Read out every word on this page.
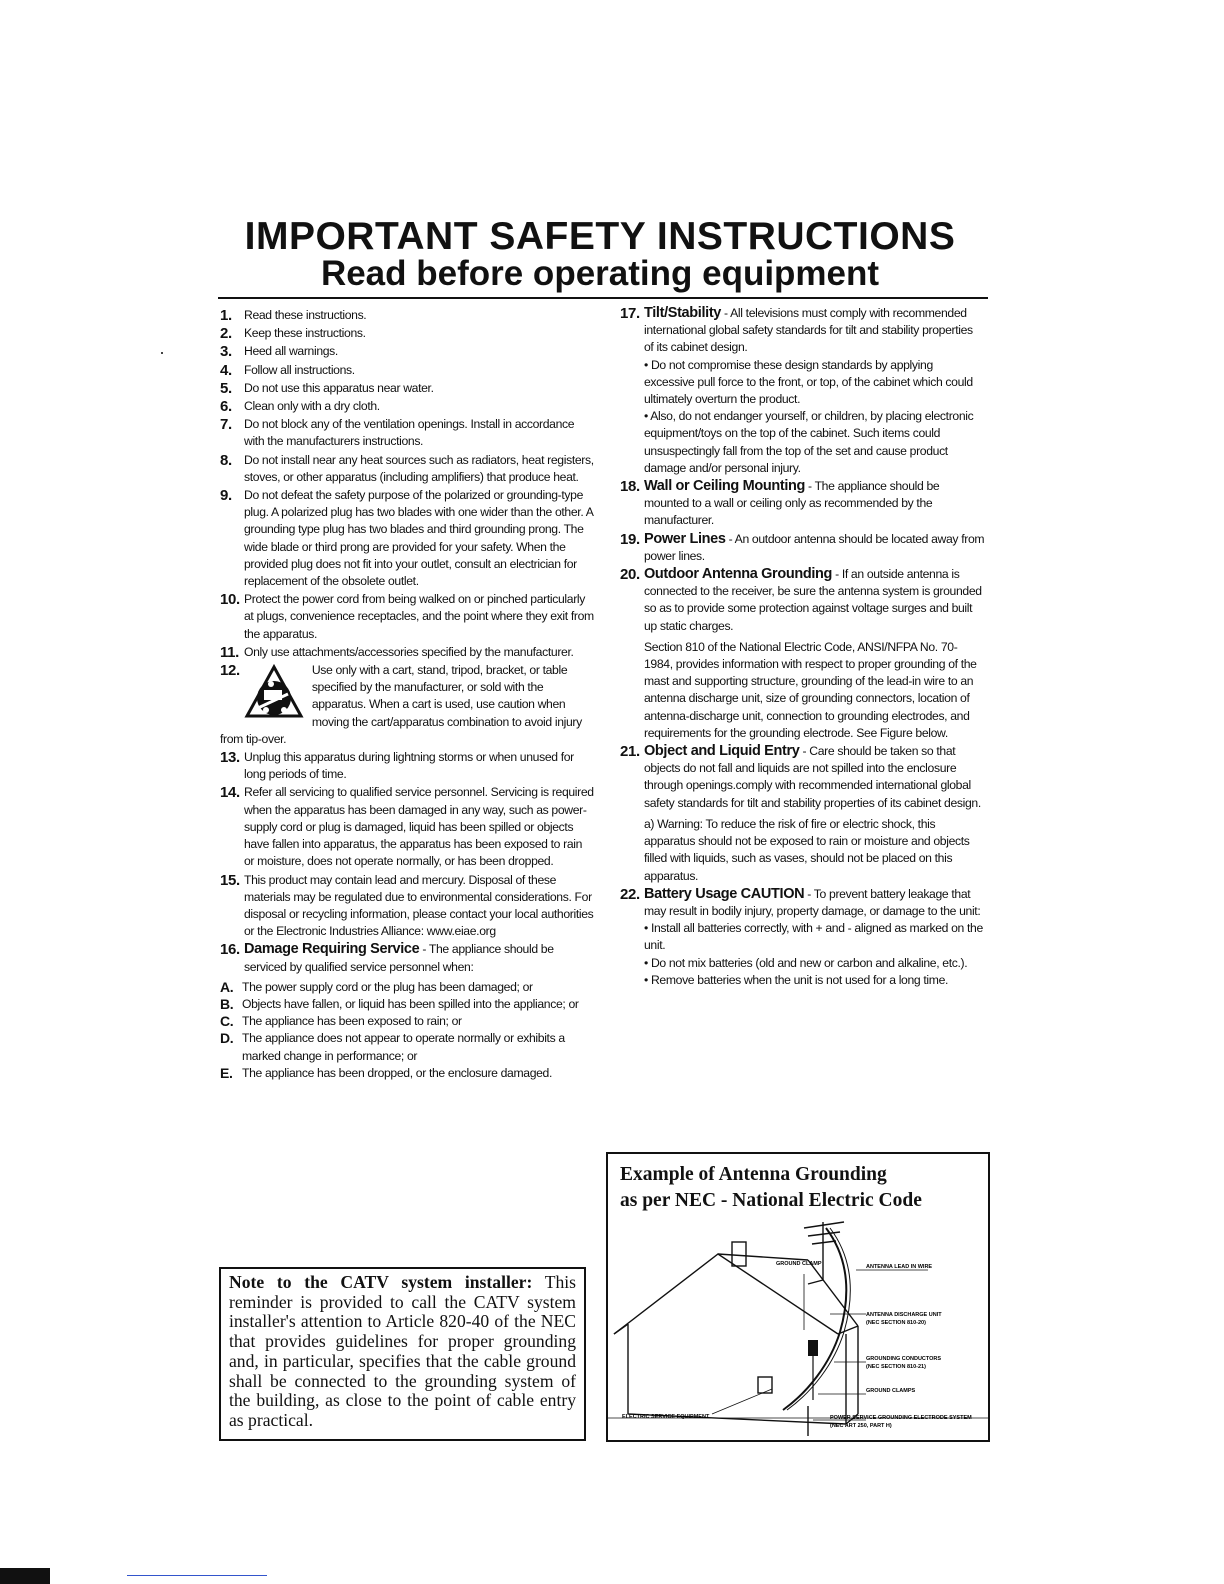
IMPORTANT SAFETY INSTRUCTIONS
Read before operating equipment
1. Read these instructions.
2. Keep these instructions.
3. Heed all warnings.
4. Follow all instructions.
5. Do not use this apparatus near water.
6. Clean only with a dry cloth.
7. Do not block any of the ventilation openings. Install in accordance with the manufacturers instructions.
8. Do not install near any heat sources such as radiators, heat registers, stoves, or other apparatus (including amplifiers) that produce heat.
9. Do not defeat the safety purpose of the polarized or grounding-type plug. A polarized plug has two blades with one wider than the other. A grounding type plug has two blades and third grounding prong. The wide blade or third prong are provided for your safety. When the provided plug does not fit into your outlet, consult an electrician for replacement of the obsolete outlet.
10. Protect the power cord from being walked on or pinched particularly at plugs, convenience receptacles, and the point where they exit from the apparatus.
11. Only use attachments/accessories specified by the manufacturer.
12.	Use only with a cart, stand, tripod, bracket, or table specified by the manufacturer, or sold with the apparatus. When a cart is used, use caution when moving the cart/apparatus combination to avoid injury from tip-over.
13. Unplug this apparatus during lightning storms or when unused for long periods of time.
14. Refer all servicing to qualified service personnel. Servicing is required when the apparatus has been damaged in any way, such as power-supply cord or plug is damaged, liquid has been spilled or objects have fallen into apparatus, the apparatus has been exposed to rain or moisture, does not operate normally, or has been dropped.
15. This product may contain lead and mercury. Disposal of these materials may be regulated due to environmental considerations. For disposal or recycling information, please contact your local authorities or the Electronic Industries Alliance: www.eiae.org
16. Damage Requiring Service - The appliance should be serviced by qualified service personnel when:
A. The power supply cord or the plug has been damaged; or
B. Objects have fallen, or liquid has been spilled into the appliance; or
C. The appliance has been exposed to rain; or
D. The appliance does not appear to operate normally or exhibits a marked change in performance; or
E. The appliance has been dropped, or the enclosure damaged.
Note to the CATV system installer: This reminder is provided to call the CATV system installer's attention to Article 820-40 of the NEC that provides guidelines for proper grounding and, in particular, specifies that the cable ground shall be connected to the grounding system of the building, as close to the point of cable entry as practical.
17. Tilt/Stability - All televisions must comply with recommended international global safety standards for tilt and stability properties of its cabinet design.
• Do not compromise these design standards by applying excessive pull force to the front, or top, of the cabinet which could ultimately overturn the product.
• Also, do not endanger yourself, or children, by placing electronic equipment/toys on the top of the cabinet. Such items could unsuspectingly fall from the top of the set and cause product damage and/or personal injury.
18. Wall or Ceiling Mounting - The appliance should be mounted to a wall or ceiling only as recommended by the manufacturer.
19. Power Lines - An outdoor antenna should be located away from power lines.
20. Outdoor Antenna Grounding - If an outside antenna is connected to the receiver, be sure the antenna system is grounded so as to provide some protection against voltage surges and built up static charges.
Section 810 of the National Electric Code, ANSI/NFPA No. 70-1984, provides information with respect to proper grounding of the mast and supporting structure, grounding of the lead-in wire to an antenna discharge unit, size of grounding connectors, location of antenna-discharge unit, connection to grounding electrodes, and requirements for the grounding electrode. See Figure below.
21. Object and Liquid Entry - Care should be taken so that objects do not fall and liquids are not spilled into the enclosure through openings.comply with recommended international global safety standards for tilt and stability properties of its cabinet design.
a) Warning: To reduce the risk of fire or electric shock, this apparatus should not be exposed to rain or moisture and objects filled with liquids, such as vases, should not be placed on this apparatus.
22. Battery Usage CAUTION - To prevent battery leakage that may result in bodily injury, property damage, or damage to the unit:
• Install all batteries correctly, with + and - aligned as marked on the unit.
• Do not mix batteries (old and new or carbon and alkaline, etc.).
• Remove batteries when the unit is not used for a long time.
Example of Antenna Grounding
as per NEC - National Electric Code
GROUND CLAMP	ANTENNA LEAD IN WIRE
ANTENNA DISCHARGE UNIT
(NEC SECTION 810-20)
GROUNDING CONDUCTORS
(NEC SECTION 810-21)
GROUND CLAMPS
ELECTRIC SERVICE EQUIPMENT	POWER SERVICE GROUNDING ELECTRODE SYSTEM
(NEC ART 250, PART H)
